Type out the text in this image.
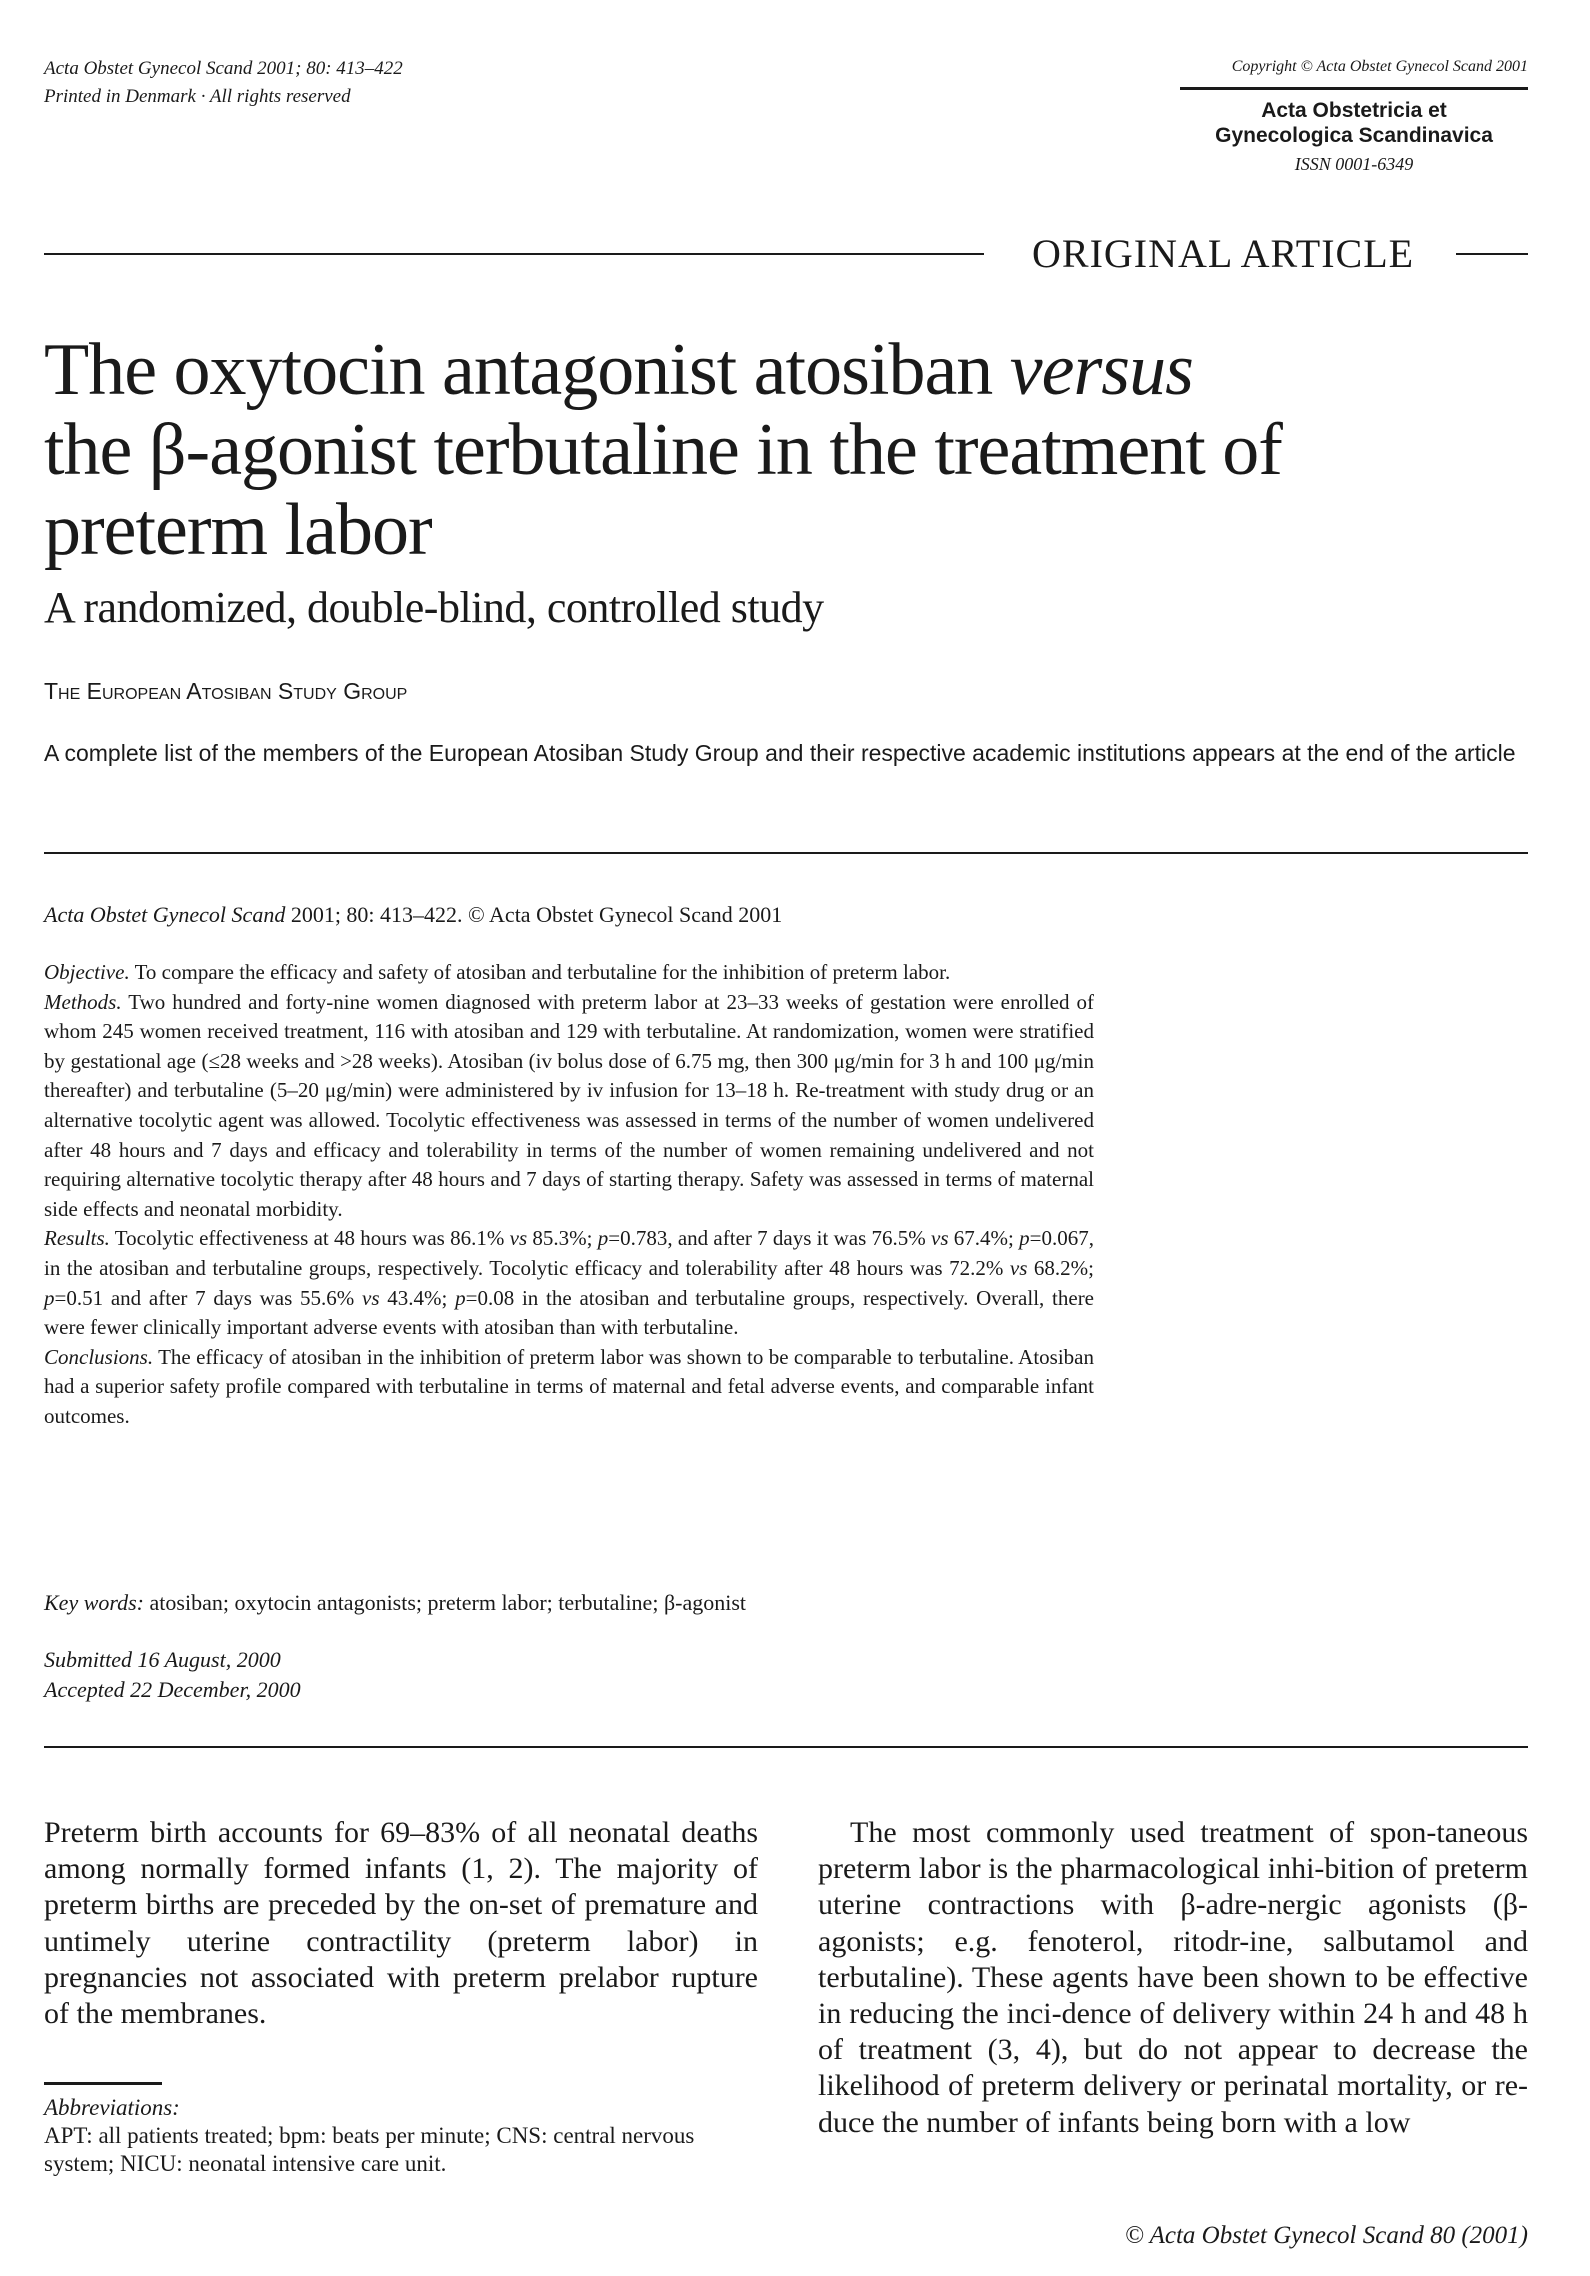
Acta Obstet Gynecol Scand 2001; 80: 413–422
Printed in Denmark · All rights reserved
Copyright © Acta Obstet Gynecol Scand 2001
Acta Obstetricia et
Gynecologica Scandinavica
ISSN 0001-6349
ORIGINAL ARTICLE
The oxytocin antagonist atosiban versus
the β-agonist terbutaline in the treatment of
preterm labor
A randomized, double-blind, controlled study
The European Atosiban Study Group
A complete list of the members of the European Atosiban Study Group and their respective academic institutions appears at the end of the article
Acta Obstet Gynecol Scand 2001; 80: 413–422. © Acta Obstet Gynecol Scand 2001

Objective. To compare the efficacy and safety of atosiban and terbutaline for the inhibition of preterm labor.

Methods. Two hundred and forty-nine women diagnosed with preterm labor at 23–33 weeks of gestation were enrolled of whom 245 women received treatment, 116 with atosiban and 129 with terbutaline. At randomization, women were stratified by gestational age (≤28 weeks and >28 weeks). Atosiban (iv bolus dose of 6.75 mg, then 300 μg/min for 3 h and 100 μg/min thereafter) and terbutaline (5–20 μg/min) were administered by iv infusion for 13–18 h. Re-treatment with study drug or an alternative tocolytic agent was allowed. Tocolytic effectiveness was assessed in terms of the number of women undelivered after 48 hours and 7 days and efficacy and tolerability in terms of the number of women remaining undelivered and not requiring alternative tocolytic therapy after 48 hours and 7 days of starting therapy. Safety was assessed in terms of maternal side effects and neonatal morbidity.

Results. Tocolytic effectiveness at 48 hours was 86.1% vs 85.3%; p=0.783, and after 7 days it was 76.5% vs 67.4%; p=0.067, in the atosiban and terbutaline groups, respectively. Tocolytic efficacy and tolerability after 48 hours was 72.2% vs 68.2%; p=0.51 and after 7 days was 55.6% vs 43.4%; p=0.08 in the atosiban and terbutaline groups, respectively. Overall, there were fewer clinically important adverse events with atosiban than with terbutaline.

Conclusions. The efficacy of atosiban in the inhibition of preterm labor was shown to be comparable to terbutaline. Atosiban had a superior safety profile compared with terbutaline in terms of maternal and fetal adverse events, and comparable infant outcomes.

Key words: atosiban; oxytocin antagonists; preterm labor; terbutaline; β-agonist
Submitted 16 August, 2000
Accepted 22 December, 2000

Preterm birth accounts for 69–83% of all neonatal deaths among normally formed infants (1, 2). The majority of preterm births are preceded by the on-set of premature and untimely uterine contractility (preterm labor) in pregnancies not associated with preterm prelabor rupture of the membranes.

The most commonly used treatment of spon-taneous preterm labor is the pharmacological inhi-bition of preterm uterine contractions with β-adre-nergic agonists (β-agonists; e.g. fenoterol, ritodr-ine, salbutamol and terbutaline). These agents have been shown to be effective in reducing the inci-dence of delivery within 24 h and 48 h of treatment (3, 4), but do not appear to decrease the likelihood of preterm delivery or perinatal mortality, or re-duce the number of infants being born with a low

Abbreviations:
APT: all patients treated; bpm: beats per minute; CNS: central nervous system; NICU: neonatal intensive care unit.
© Acta Obstet Gynecol Scand 80 (2001)
